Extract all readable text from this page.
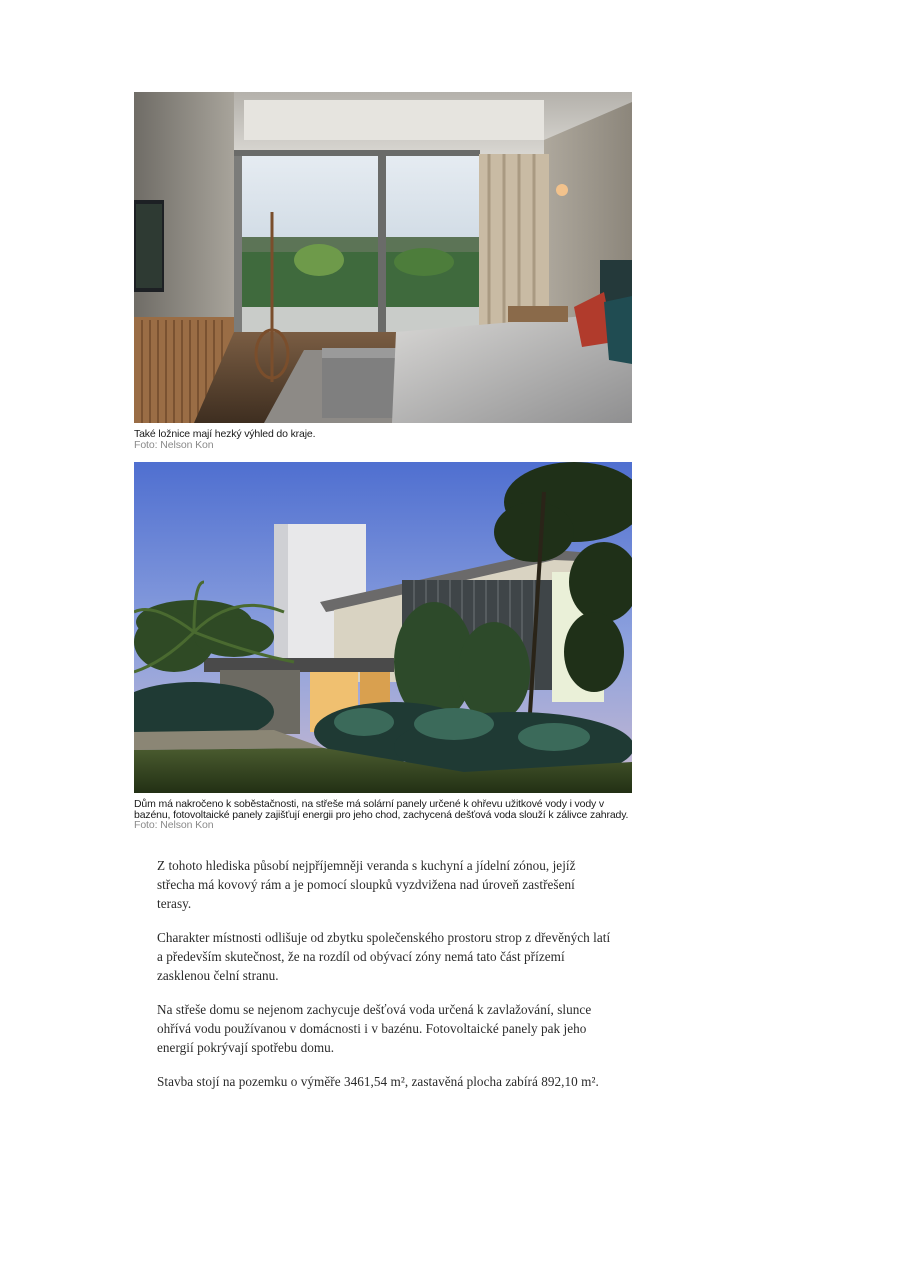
Také ložnice mají hezký výhled do kraje.
Foto: Nelson Kon
Dům má nakročeno k soběstačnosti, na střeše má solární panely určené k ohřevu užitkové vody i vody v bazénu, fotovoltaické panely zajišťují energii pro jeho chod, zachycená dešťová voda slouží k zálivce zahrady.
Foto: Nelson Kon

Z tohoto hlediska působí nejpříjemněji veranda s kuchyní a jídelní zónou, jejíž střecha má kovový rám a je pomocí sloupků vyzdvižena nad úroveň zastřešení terasy.

Charakter místnosti odlišuje od zbytku společenského prostoru strop z dřevěných latí a především skutečnost, že na rozdíl od obývací zóny nemá tato část přízemí zasklenou čelní stranu.

Na střeše domu se nejenom zachycuje dešťová voda určená k zavlažování, slunce ohřívá vodu používanou v domácnosti i v bazénu. Fotovoltaické panely pak jeho energií pokrývají spotřebu domu.

Stavba stojí na pozemku o výměře 3461,54 m², zastavěná plocha zabírá 892,10 m².
